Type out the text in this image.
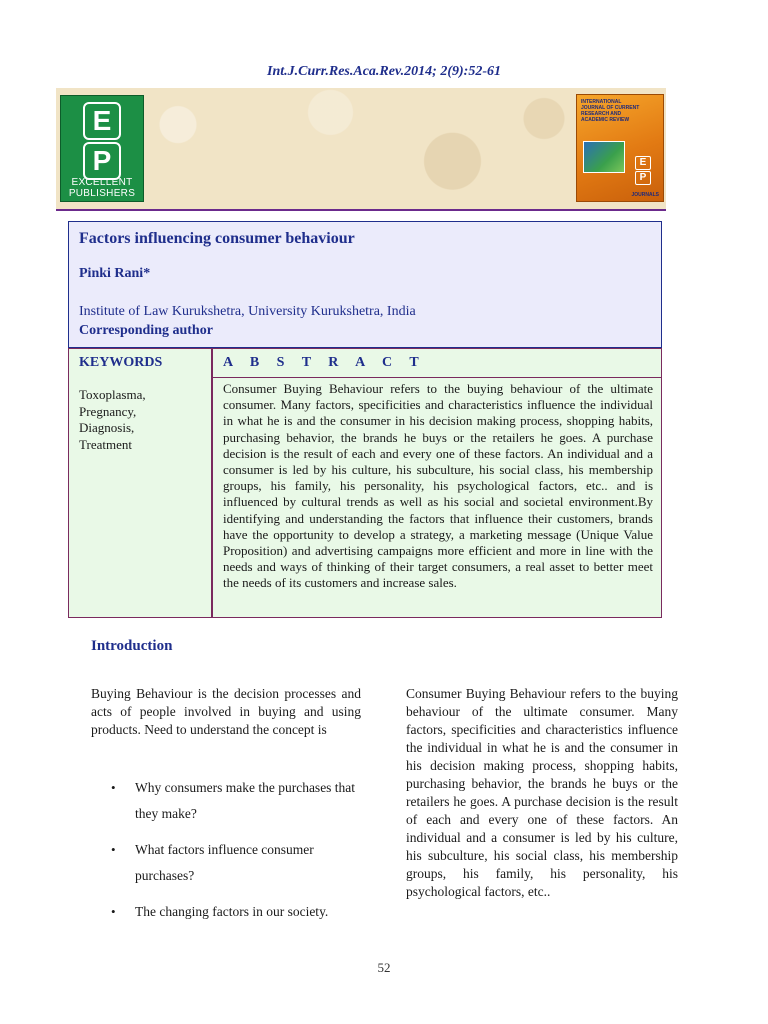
Int.J.Curr.Res.Aca.Rev.2014; 2(9):52-61
E
P
EXCELLENT PUBLISHERS
INTERNATIONAL JOURNAL OF CURRENT RESEARCH AND ACADEMIC REVIEW
E
P
JOURNALS
Factors influencing consumer behaviour
Pinki Rani*
Institute of Law Kurukshetra, University Kurukshetra, India
Corresponding author
KEYWORDS
Toxoplasma,
Pregnancy,
Diagnosis,
Treatment
A B S T R A C T
Consumer Buying Behaviour refers to the buying behaviour of the ultimate consumer. Many factors, specificities and characteristics influence the individual in what he is and the consumer in his decision making process, shopping habits, purchasing behavior, the brands he buys or the retailers he goes. A purchase decision is the result of each and every one of these factors. An individual and a consumer is led by his culture, his subculture, his social class, his membership groups, his family, his personality, his psychological factors, etc.. and is influenced by cultural trends as well as his social and societal environment.By identifying and understanding the factors that influence their customers, brands have the opportunity to develop a strategy, a marketing message (Unique Value Proposition) and advertising campaigns more efficient and more in line with the needs and ways of thinking of their target consumers, a real asset to better meet the needs of its customers and increase sales.
Introduction
Buying Behaviour is the decision processes and acts of people involved in buying and using products. Need to understand the concept is
• Why consumers make the purchases that they make?
• What factors influence consumer purchases?
• The changing factors in our society.
Consumer Buying Behaviour refers to the buying behaviour of the ultimate consumer. Many factors, specificities and characteristics influence the individual in what he is and the consumer in his decision making process, shopping habits, purchasing behavior, the brands he buys or the retailers he goes. A purchase decision is the result of each and every one of these factors. An individual and a consumer is led by his culture, his subculture, his social class, his membership groups, his family, his personality, his psychological factors, etc..
52
